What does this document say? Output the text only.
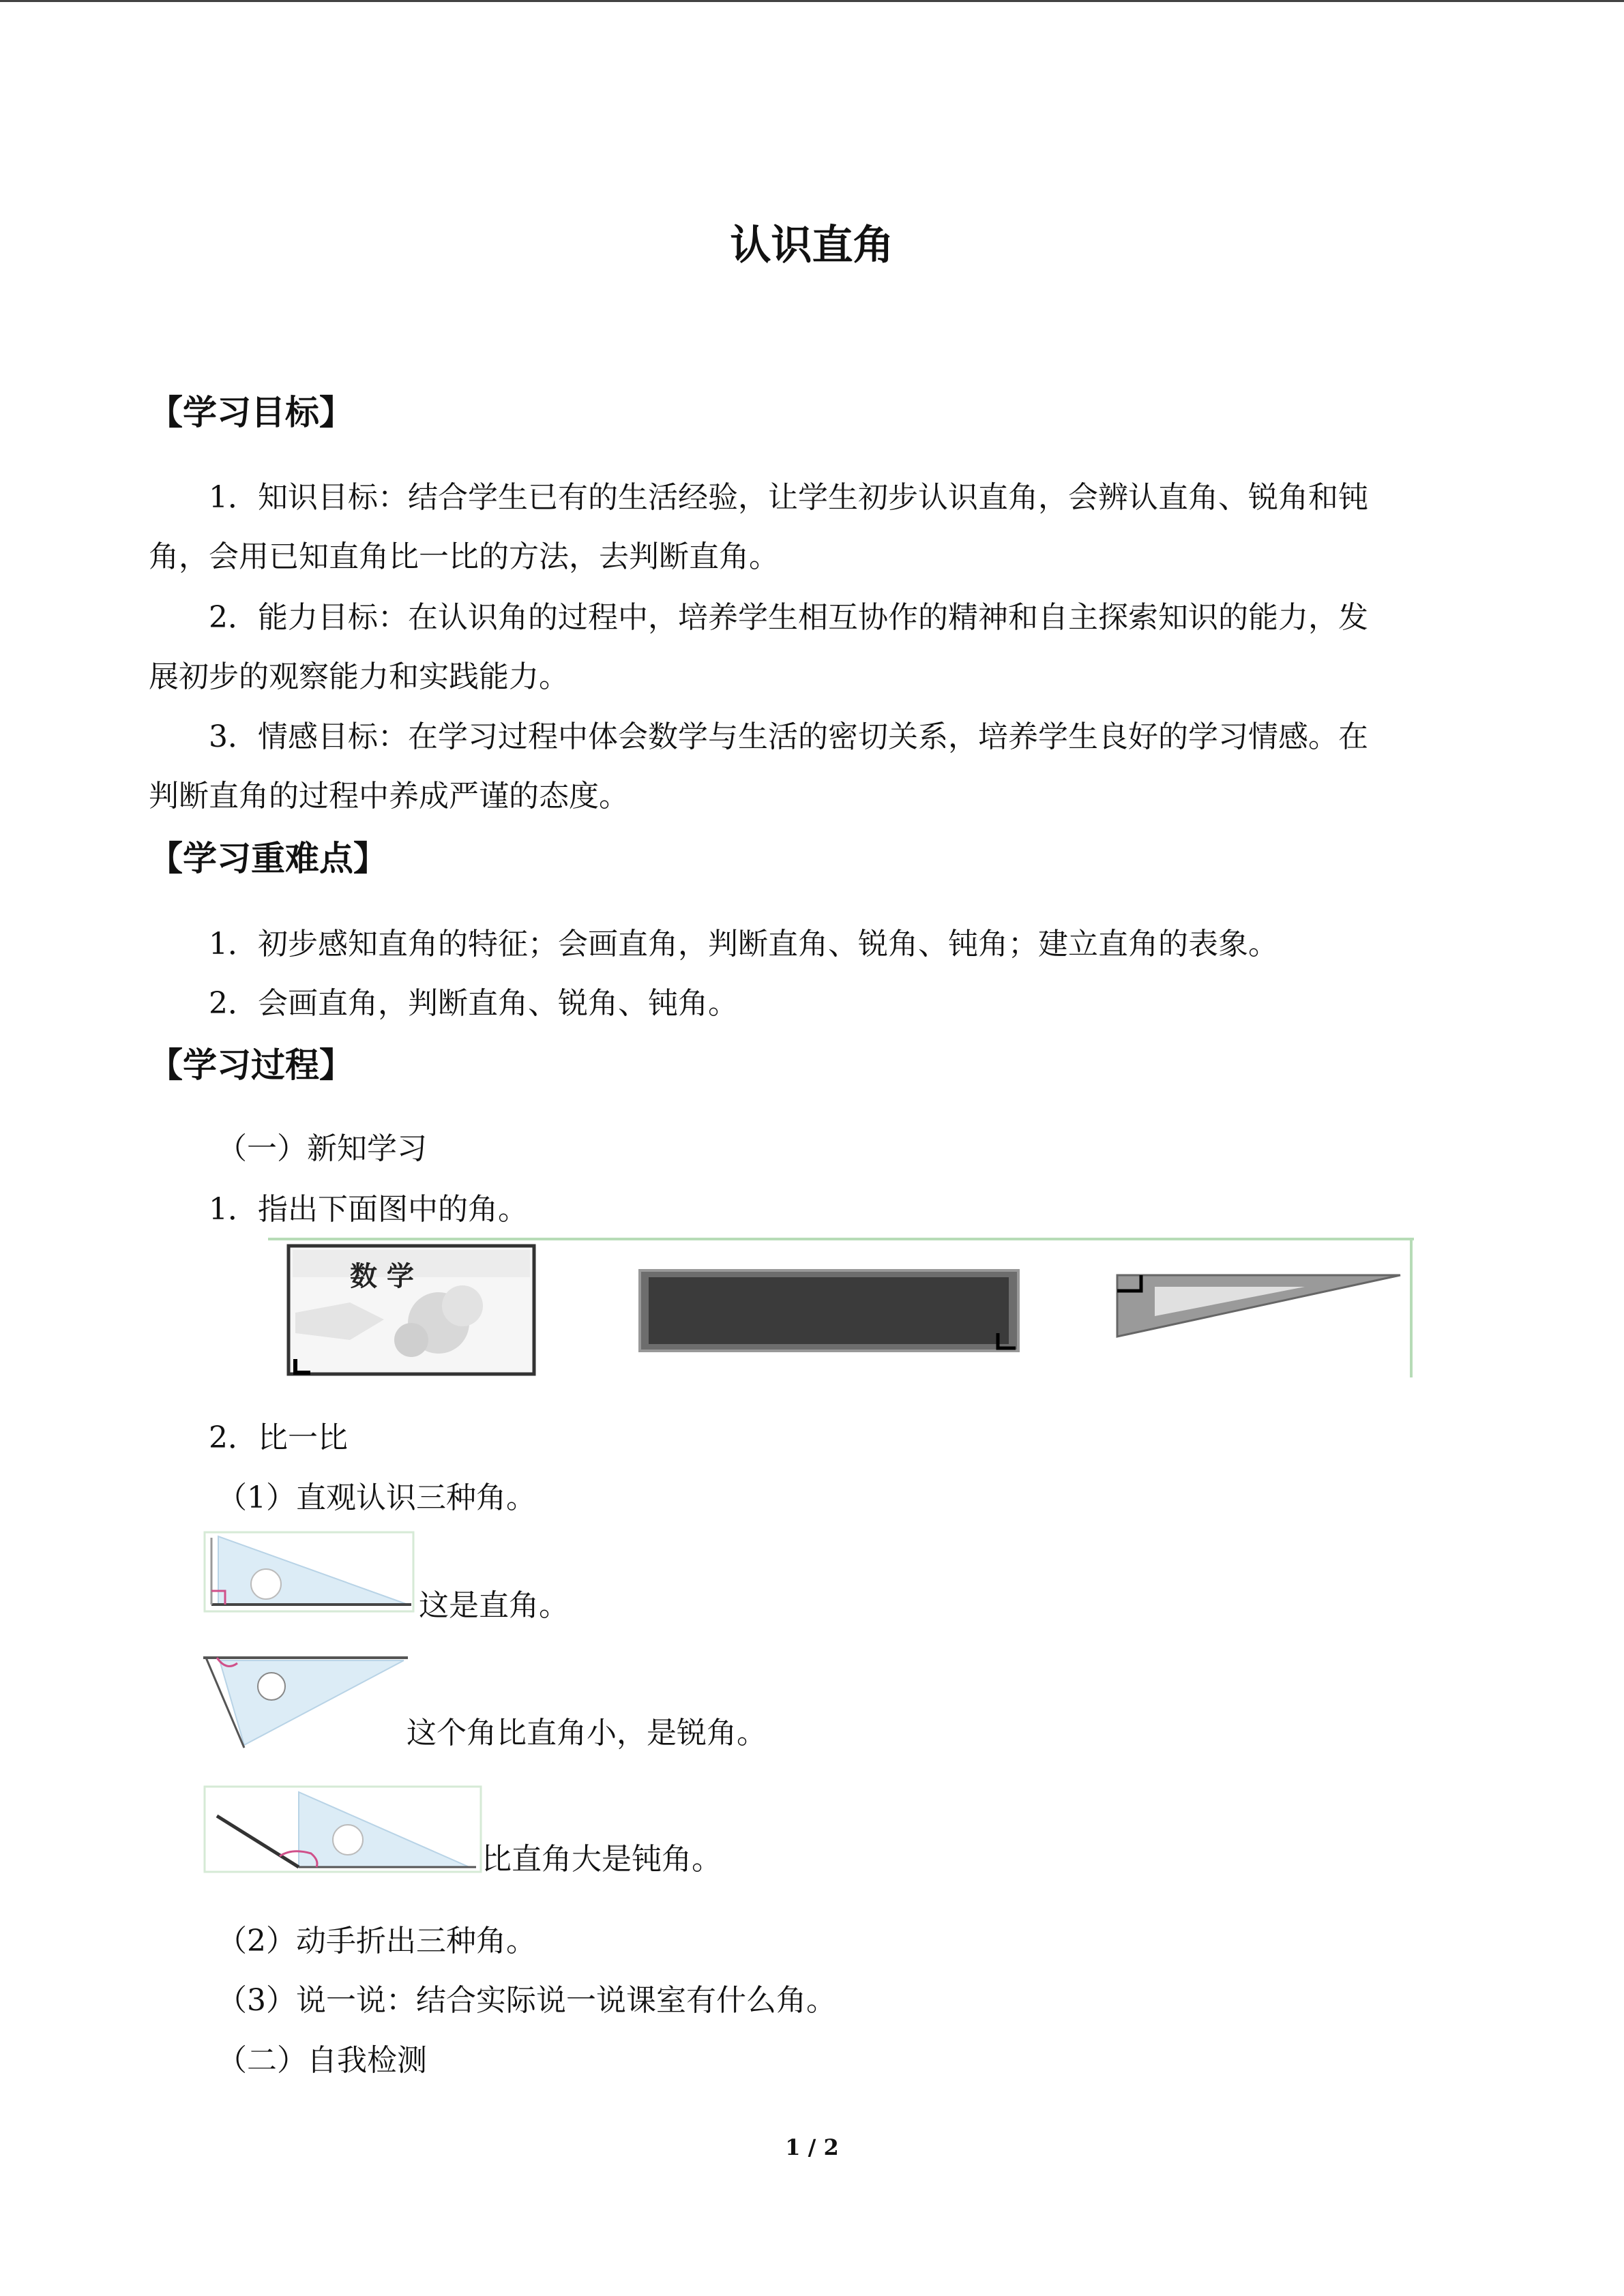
认识直角
【学习目标】
1．知识目标：结合学生已有的生活经验，让学生初步认识直角，会辨认直角、锐角和钝
角，会用已知直角比一比的方法，去判断直角。
2．能力目标：在认识角的过程中，培养学生相互协作的精神和自主探索知识的能力，发
展初步的观察能力和实践能力。
3．情感目标：在学习过程中体会数学与生活的密切关系，培养学生良好的学习情感。在
判断直角的过程中养成严谨的态度。
【学习重难点】
1．初步感知直角的特征；会画直角，判断直角、锐角、钝角；建立直角的表象。
2．会画直角，判断直角、锐角、钝角。
【学习过程】
（一）新知学习
1．指出下面图中的角。
数 学
2．比一比
（1）直观认识三种角。
这是直角。
这个角比直角小，是锐角。
比直角大是钝角。
（2）动手折出三种角。
（3）说一说：结合实际说一说课室有什么角。
（二）自我检测
1 / 2
